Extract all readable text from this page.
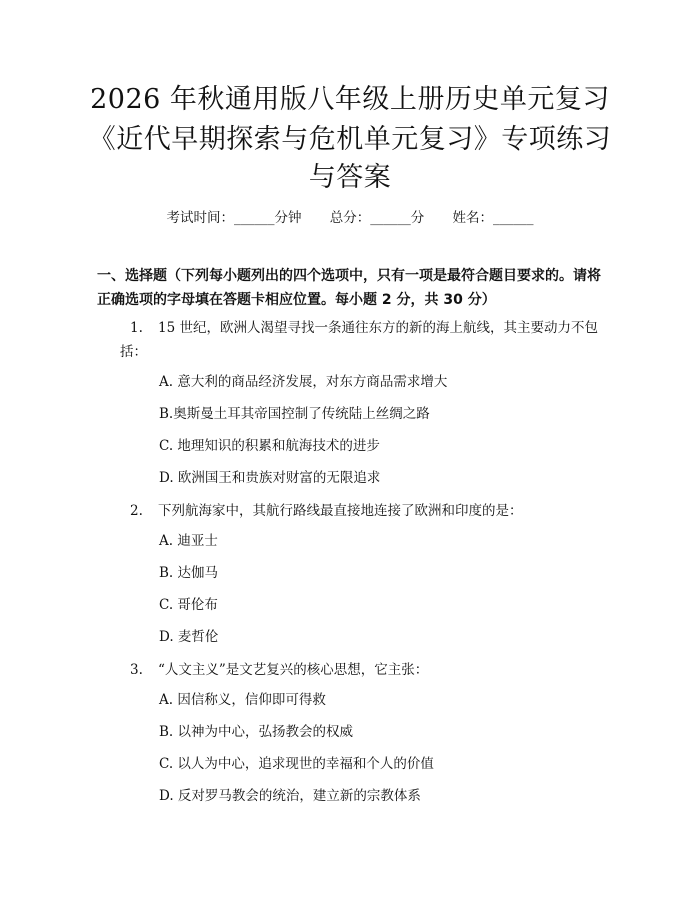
2026 年秋通用版八年级上册历史单元复习
《近代早期探索与危机单元复习》专项练习
与答案
考试时间：______分钟 总分：______分 姓名：______
一、选择题（下列每小题列出的四个选项中，只有一项是最符合题目要求的。请将正确选项的字母填在答题卡相应位置。每小题 2 分，共 30 分）
1.	15 世纪，欧洲人渴望寻找一条通往东方的新的海上航线，其主要动力不包括：
A. 意大利的商品经济发展，对东方商品需求增大
B.奥斯曼土耳其帝国控制了传统陆上丝绸之路
C. 地理知识的积累和航海技术的进步
D. 欧洲国王和贵族对财富的无限追求
2.	下列航海家中，其航行路线最直接地连接了欧洲和印度的是：
A. 迪亚士
B. 达伽马
C. 哥伦布
D. 麦哲伦
3.	“人文主义”是文艺复兴的核心思想，它主张：
A. 因信称义，信仰即可得救
B. 以神为中心，弘扬教会的权威
C. 以人为中心，追求现世的幸福和个人的价值
D. 反对罗马教会的统治，建立新的宗教体系
